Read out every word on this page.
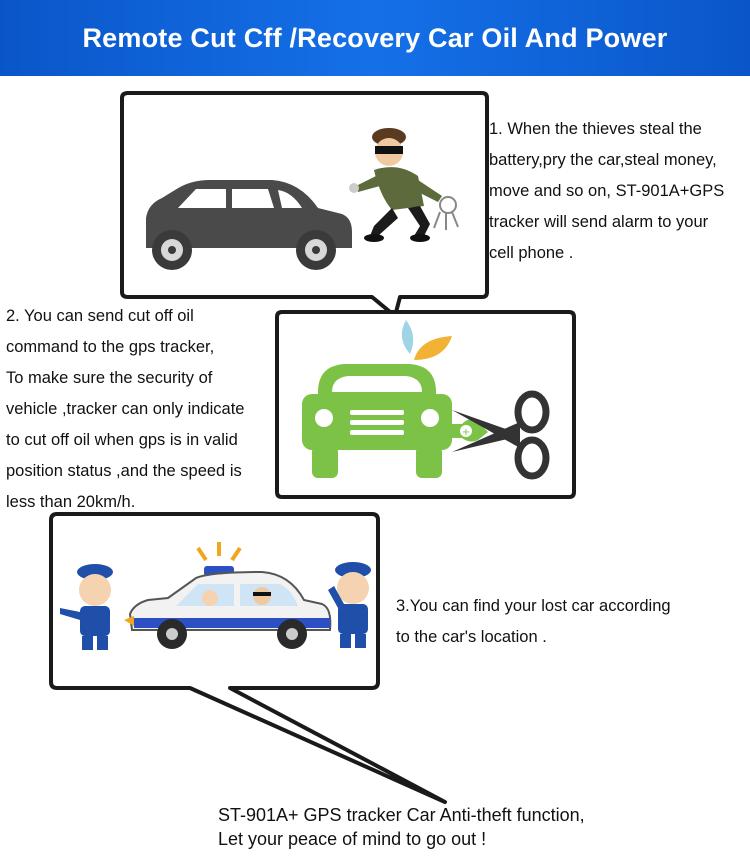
Remote Cut Cff /Recovery Car Oil And Power
+
1. When the thieves steal the
battery,pry the car,steal money,
move and so on, ST-901A+GPS
tracker will send alarm to your
cell phone .
2. You can send cut off oil
command to the gps tracker,
To make sure the security of
vehicle ,tracker can only indicate
to cut off oil when gps is in valid
position status ,and the speed is
less than 20km/h.
3.You can find your lost car according
to the car's location .
ST-901A+ GPS tracker Car Anti-theft function,
Let your peace of mind to go out !
